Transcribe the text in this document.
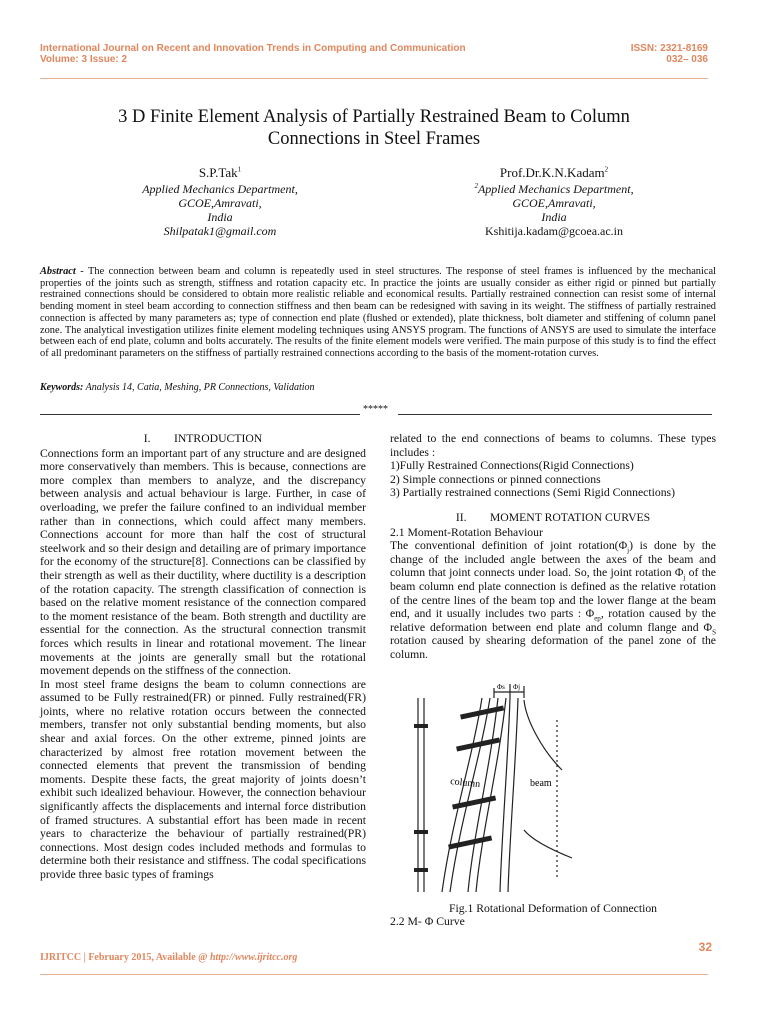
International Journal on Recent and Innovation Trends in Computing and Communication
Volume: 3 Issue: 2
ISSN: 2321-8169
032– 036
3 D Finite Element Analysis of Partially Restrained Beam to Column
Connections in Steel Frames
S.P.Tak$^1$
Applied Mechanics Department,
GCOE,Amravati,
India
Shilpatak1@gmail.com
Prof.Dr.K.N.Kadam$^2$
$^2$Applied Mechanics Department,
GCOE,Amravati,
India
Kshitija.kadam@gcoea.ac.in
Abstract - The connection between beam and column is repeatedly used in steel structures. The response of steel frames is influenced by the mechanical properties of the joints such as strength, stiffness and rotation capacity etc. In practice the joints are usually consider as either rigid or pinned but partially restrained connections should be considered to obtain more realistic reliable and economical results. Partially restrained connection can resist some of internal bending moment in steel beam according to connection stiffness and then beam can be redesigned with saving in its weight. The stiffness of partially restrained connection is affected by many parameters as; type of connection end plate (flushed or extended), plate thickness, bolt diameter and stiffening of column panel zone. The analytical investigation utilizes finite element modeling techniques using ANSYS program. The functions of ANSYS are used to simulate the interface between each of end plate, column and bolts accurately. The results of the finite element models were verified. The main purpose of this study is to find the effect of all predominant parameters on the stiffness of partially restrained connections according to the basis of the moment-rotation curves.
Keywords: Analysis 14, Catia, Meshing, PR Connections, Validation
*****
I.        INTRODUCTION

Connections form an important part of any structure and are designed more conservatively than members. This is because, connections are more complex than members to analyze, and the discrepancy between analysis and actual behaviour is large. Further, in case of overloading, we prefer the failure confined to an individual member rather than in connections, which could affect many members. Connections account for more than half the cost of structural steelwork and so their design and detailing are of primary importance for the economy of the structure[8]. Connections can be classified by their strength as well as their ductility, where ductility is a description of the rotation capacity. The strength classification of connection is based on the relative moment resistance of the connection compared to the moment resistance of the beam. Both strength and ductility are essential for the connection. As the structural connection transmit forces which results in linear and rotational movement. The linear movements at the joints are generally small but the rotational movement depends on the stiffness of the connection.

In most steel frame designs the beam to column connections are assumed to be Fully restrained(FR) or pinned. Fully restrained(FR) joints, where no relative rotation occurs between the connected members, transfer not only substantial bending moments, but also shear and axial forces. On the other extreme, pinned joints are characterized by almost free rotation movement between the connected elements that prevent the transmission of bending moments. Despite these facts, the great majority of joints doesn’t exhibit such idealized behaviour. However, the connection behaviour significantly affects the displacements and internal force distribution of framed structures. A substantial effort has been made in recent years to characterize the behaviour of partially restrained(PR) connections. Most design codes included methods and formulas to determine both their resistance and stiffness. The codal specifications provide three basic types of framings

related to the end connections of beams to columns. These types includes :

1)Fully Restrained Connections(Rigid Connections)

2) Simple connections or pinned connections

3) Partially restrained connections (Semi Rigid Connections)

II.        MOMENT ROTATION CURVES

2.1 Moment-Rotation Behaviour

The conventional definition of joint $rotation(\Phi_j)$ is done by the change of the included angle between the axes of the beam and column that joint connects under load. So, the joint rotation $\Phi_j$ of the beam column end plate connection is defined as the relative rotation of the centre lines of the beam top and the lower flange at the beam end, and it usually includes two parts : $\Phi_{ep}$, rotation caused by the relative deformation between end plate and column flange and $\Phi_S$ rotation caused by shearing deformation of the panel zone of the column.

Φs Φj
column	beam
Fig.1 Rotational Deformation of Connection
2.2 M- Φ Curve
32
IJRITCC | February 2015, Available @ http://www.ijritcc.org
